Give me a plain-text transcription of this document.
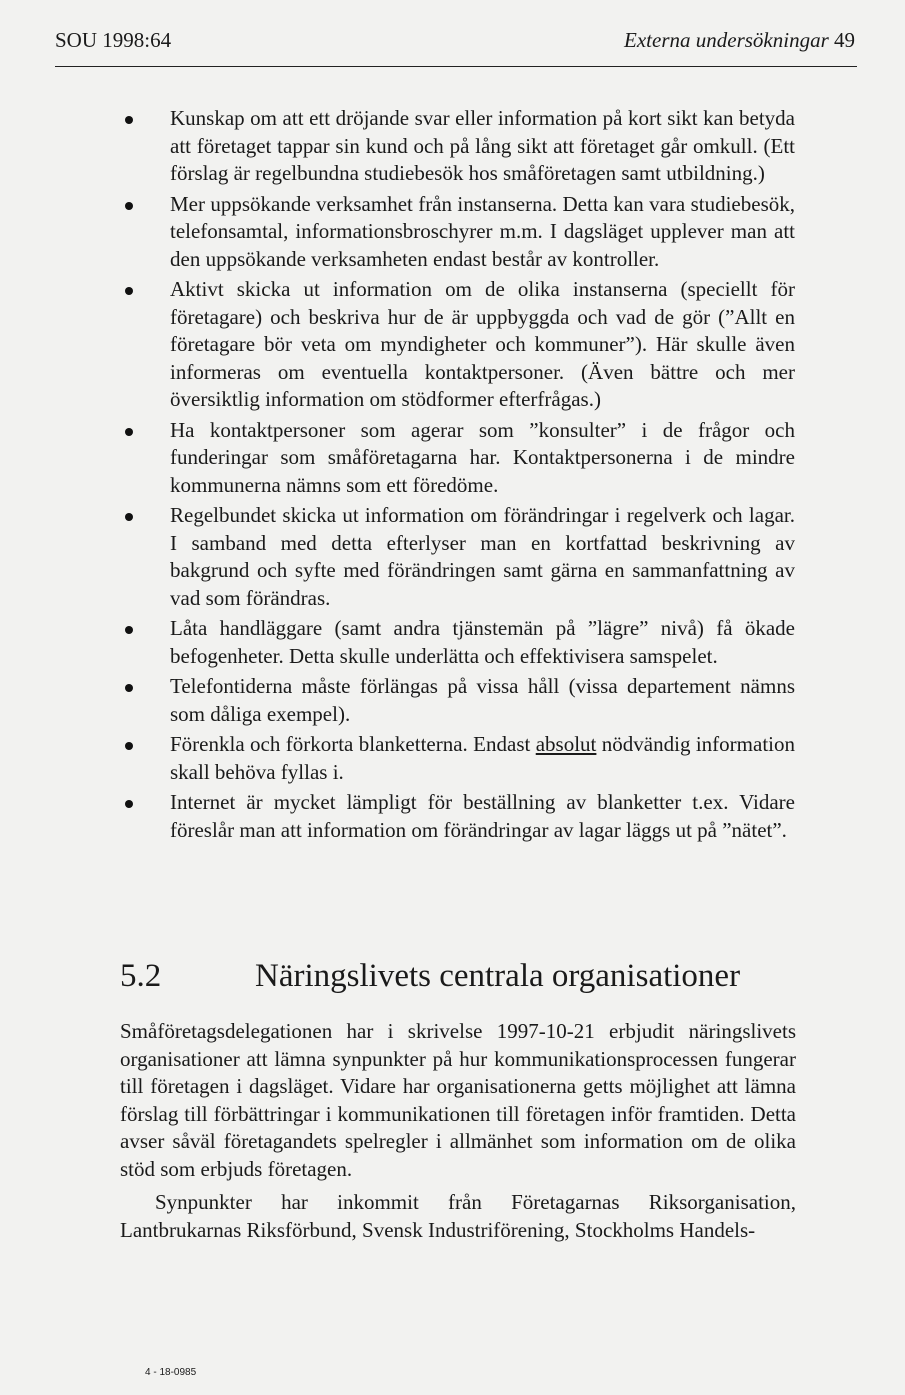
SOU 1998:64	Externa undersökningar 49
Kunskap om att ett dröjande svar eller information på kort sikt kan betyda att företaget tappar sin kund och på lång sikt att företaget går omkull. (Ett förslag är regelbundna studiebesök hos småföretagen samt utbildning.)
Mer uppsökande verksamhet från instanserna. Detta kan vara studiebesök, telefonsamtal, informationsbroschyrer m.m. I dagsläget upplever man att den uppsökande verksamheten endast består av kontroller.
Aktivt skicka ut information om de olika instanserna (speciellt för företagare) och beskriva hur de är uppbyggda och vad de gör (”Allt en företagare bör veta om myndigheter och kommuner”). Här skulle även informeras om eventuella kontaktpersoner. (Även bättre och mer översiktlig information om stödformer efterfrågas.)
Ha kontaktpersoner som agerar som ”konsulter” i de frågor och funderingar som småföretagarna har. Kontaktpersonerna i de mindre kommunerna nämns som ett föredöme.
Regelbundet skicka ut information om förändringar i regelverk och lagar. I samband med detta efterlyser man en kortfattad beskrivning av bakgrund och syfte med förändringen samt gärna en sammanfattning av vad som förändras.
Låta handläggare (samt andra tjänstemän på ”lägre” nivå) få ökade befogenheter. Detta skulle underlätta och effektivisera samspelet.
Telefontiderna måste förlängas på vissa håll (vissa departement nämns som dåliga exempel).
Förenkla och förkorta blanketterna. Endast absolut nödvändig information skall behöva fyllas i.
Internet är mycket lämpligt för beställning av blanketter t.ex. Vidare föreslår man att information om förändringar av lagar läggs ut på ”nätet”.
5.2	Näringslivets centrala organisationer

Småföretagsdelegationen har i skrivelse 1997-10-21 erbjudit näringslivets organisationer att lämna synpunkter på hur kommunikationsprocessen fungerar till företagen i dagsläget. Vidare har organisationerna getts möjlighet att lämna förslag till förbättringar i kommunikationen till företagen inför framtiden. Detta avser såväl företagandets spelregler i allmänhet som information om de olika stöd som erbjuds företagen.

Synpunkter har inkommit från Företagarnas Riksorganisation, Lantbrukarnas Riksförbund, Svensk Industriförening, Stockholms Handels-

4 - 18-0985
